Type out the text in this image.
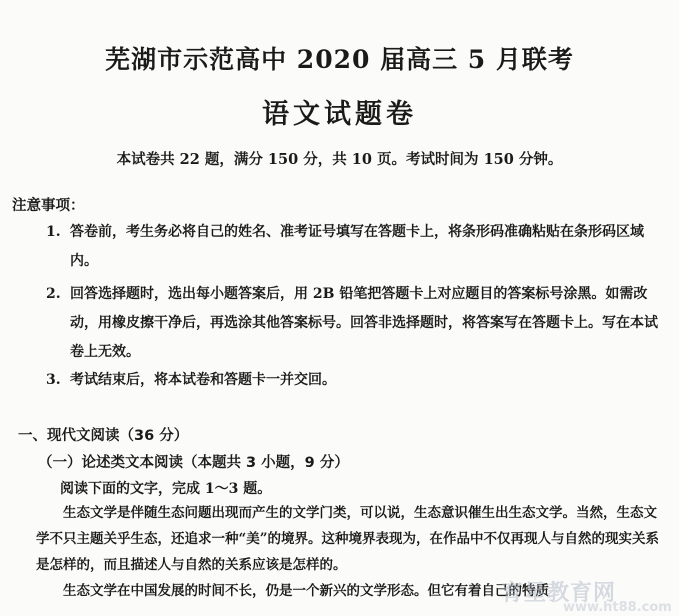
芜湖市示范高中 2020 届高三 5 月联考
语文试题卷
本试卷共 22 题，满分 150 分，共 10 页。考试时间为 150 分钟。
注意事项：
1. 答卷前，考生务必将自己的姓名、准考证号填写在答题卡上，将条形码准确粘贴在条形码区域内。
2. 回答选择题时，选出每小题答案后，用 2B 铅笔把答题卡上对应题目的答案标号涂黑。如需改动，用橡皮擦干净后，再选涂其他答案标号。回答非选择题时，将答案写在答题卡上。写在本试卷上无效。
3. 考试结束后，将本试卷和答题卡一并交回。
一、现代文阅读（36 分）
（一）论述类文本阅读（本题共 3 小题，9 分）
阅读下面的文字，完成 1～3 题。
生态文学是伴随生态问题出现而产生的文学门类，可以说，生态意识催生出生态文学。当然，生态文学不只主题关乎生态，还追求一种“美”的境界。这种境界表现为，在作品中不仅再现人与自然的现实关系是怎样的，而且描述人与自然的关系应该是怎样的。
生态文学在中国发展的时间不长，仍是一个新兴的文学形态。但它有着自己的特质
育星教育网
www.ht88.com
